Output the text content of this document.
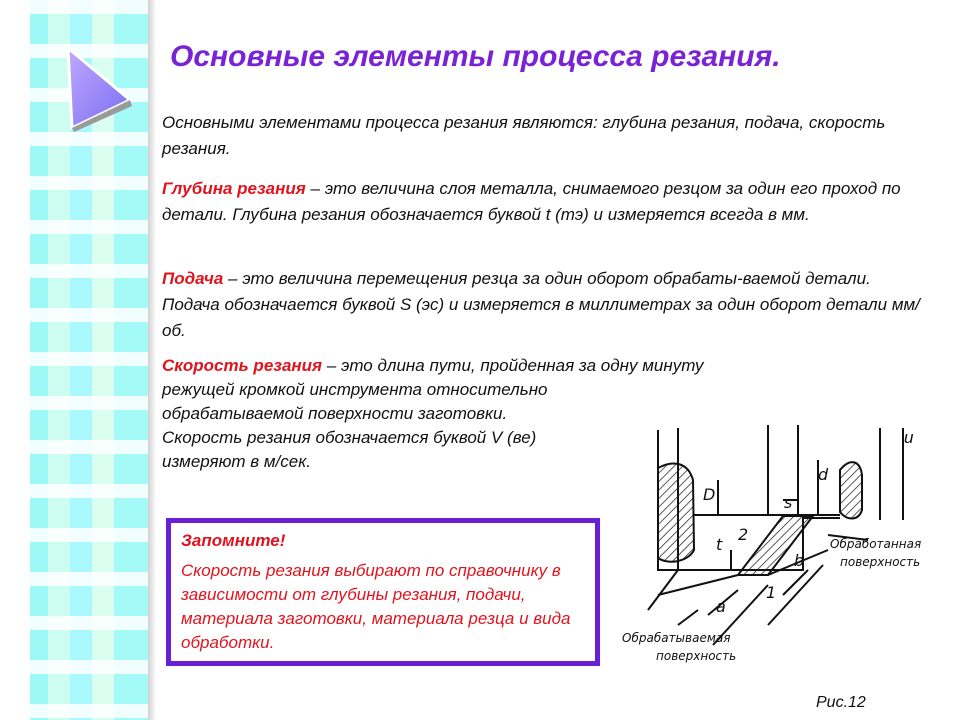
Основные элементы процесса резания.

Основными элементами процесса резания являются: глубина резания, подача, скорость резания.

Глубина резания – это величина слоя металла, снимаемого резцом за один его проход по детали. Глубина резания обозначается буквой t (тэ) и измеряется всегда в мм.

Подача – это величина перемещения резца за один оборот обрабаты-ваемой детали. Подача обозначается буквой S (эс) и измеряется в миллиметрах за один оборот детали мм/об.

Скорость резания – это длина пути, пройденная за одну минуту
режущей кромкой инструмента относительно
обрабатываемой поверхности заготовки.
Скорость резания обозначается буквой V (ве)	и
измеряют в м/сек.
Запомните!
Скорость резания выбирают по справочнику в зависимости от глубины резания, подачи, материала заготовки, материала резца и вида обработки.
D
d
s
t
2
1
a
b
Обработанная
поверхность
Обрабатываемая
поверхность
Рис.12
